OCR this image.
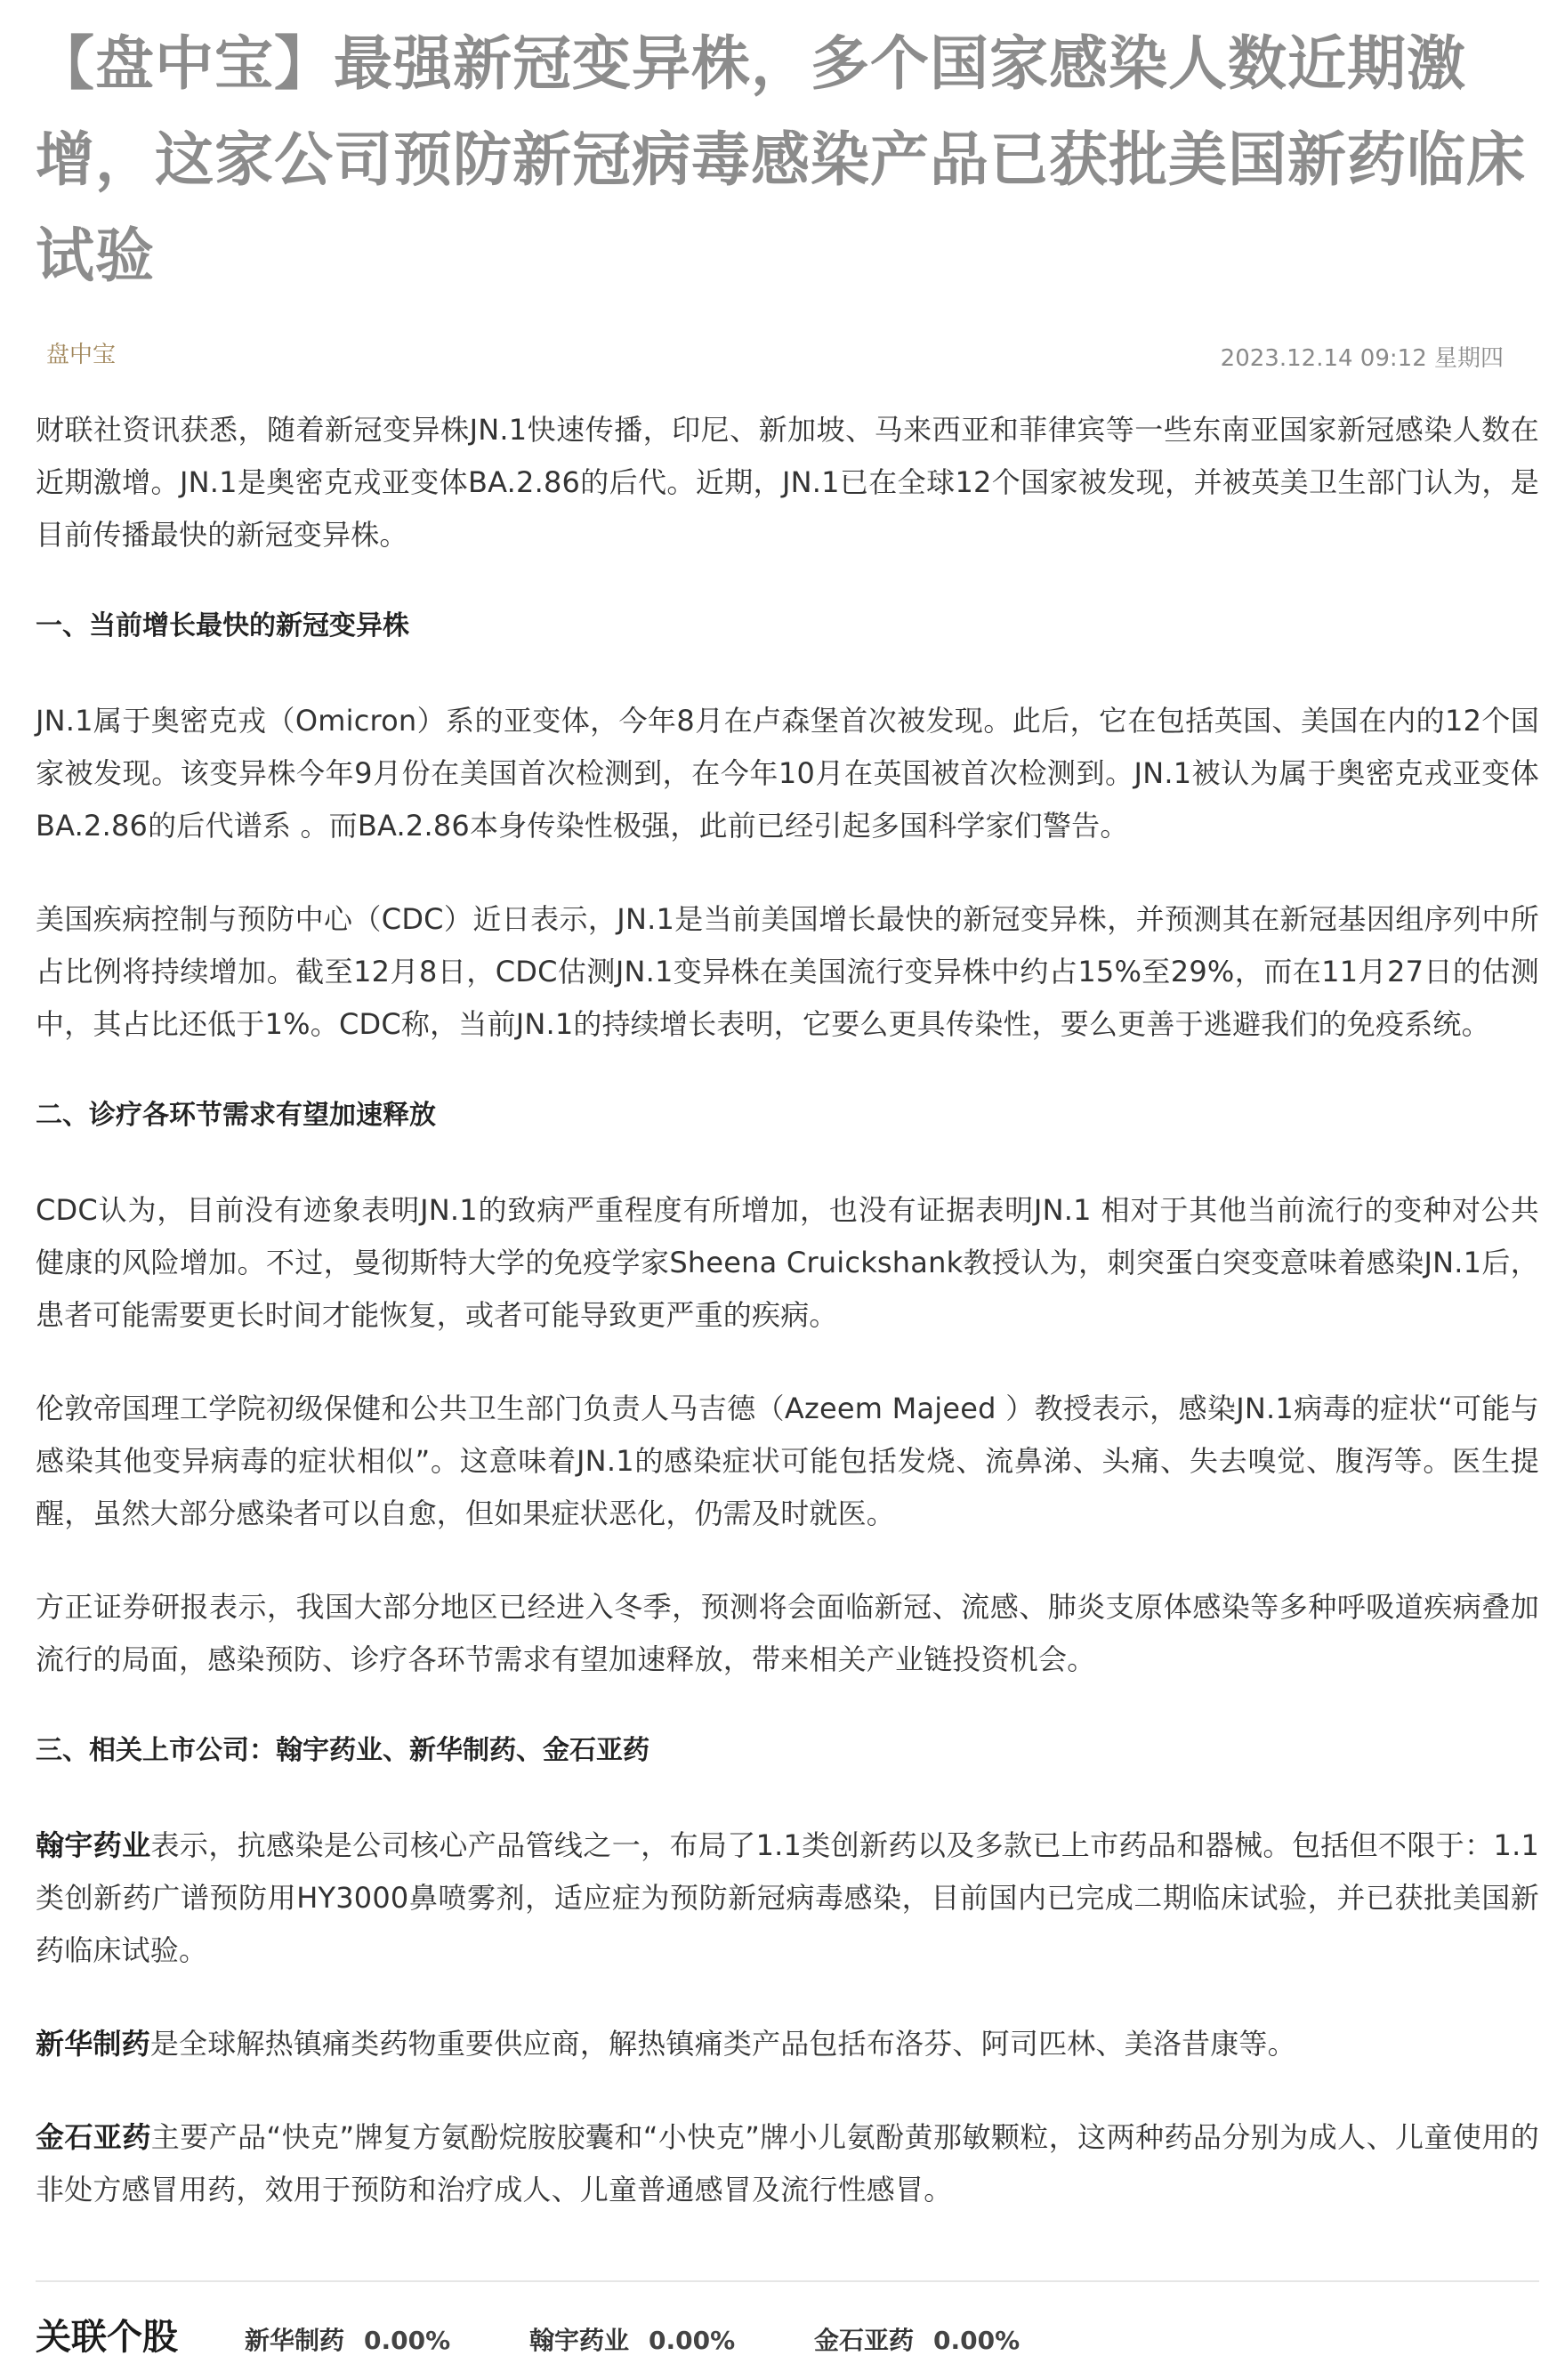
【盘中宝】最强新冠变异株，多个国家感染人数近期激增，这家公司预防新冠病毒感染产品已获批美国新药临床试验
盘中宝	2023.12.14 09:12 星期四

财联社资讯获悉，随着新冠变异株JN.1快速传播，印尼、新加坡、马来西亚和菲律宾等一些东南亚国家新冠感染人数在近期激增。JN.1是奥密克戎亚变体BA.2.86的后代。近期，JN.1已在全球12个国家被发现，并被英美卫生部门认为，是目前传播最快的新冠变异株。

一、当前增长最快的新冠变异株

JN.1属于奥密克戎（Omicron）系的亚变体，今年8月在卢森堡首次被发现。此后，它在包括英国、美国在内的12个国家被发现。该变异株今年9月份在美国首次检测到，在今年10月在英国被首次检测到。JN.1被认为属于奥密克戎亚变体BA.2.86的后代谱系 。而BA.2.86本身传染性极强，此前已经引起多国科学家们警告。

美国疾病控制与预防中心（CDC）近日表示，JN.1是当前美国增长最快的新冠变异株，并预测其在新冠基因组序列中所占比例将持续增加。截至12月8日，CDC估测JN.1变异株在美国流行变异株中约占15%至29%，而在11月27日的估测中，其占比还低于1%。CDC称，当前JN.1的持续增长表明，它要么更具传染性，要么更善于逃避我们的免疫系统。

二、诊疗各环节需求有望加速释放

CDC认为，目前没有迹象表明JN.1的致病严重程度有所增加，也没有证据表明JN.1 相对于其他当前流行的变种对公共健康的风险增加。不过，曼彻斯特大学的免疫学家Sheena Cruickshank教授认为，刺突蛋白突变意味着感染JN.1后，患者可能需要更长时间才能恢复，或者可能导致更严重的疾病。

伦敦帝国理工学院初级保健和公共卫生部门负责人马吉德（Azeem Majeed ）教授表示，感染JN.1病毒的症状“可能与感染其他变异病毒的症状相似”。这意味着JN.1的感染症状可能包括发烧、流鼻涕、头痛、失去嗅觉、腹泻等。医生提醒，虽然大部分感染者可以自愈，但如果症状恶化，仍需及时就医。

方正证券研报表示，我国大部分地区已经进入冬季，预测将会面临新冠、流感、肺炎支原体感染等多种呼吸道疾病叠加流行的局面，感染预防、诊疗各环节需求有望加速释放，带来相关产业链投资机会。

三、相关上市公司：翰宇药业、新华制药、金石亚药

翰宇药业表示，抗感染是公司核心产品管线之一，布局了1.1类创新药以及多款已上市药品和器械。包括但不限于：1.1类创新药广谱预防用HY3000鼻喷雾剂，适应症为预防新冠病毒感染，目前国内已完成二期临床试验，并已获批美国新药临床试验。

新华制药是全球解热镇痛类药物重要供应商，解热镇痛类产品包括布洛芬、阿司匹林、美洛昔康等。

金石亚药主要产品“快克”牌复方氨酚烷胺胶囊和“小快克”牌小儿氨酚黄那敏颗粒，这两种药品分别为成人、儿童使用的非处方感冒用药，效用于预防和治疗成人、儿童普通感冒及流行性感冒。

关联个股	新华制药 0.00%	翰宇药业 0.00%	金石亚药 0.00%
